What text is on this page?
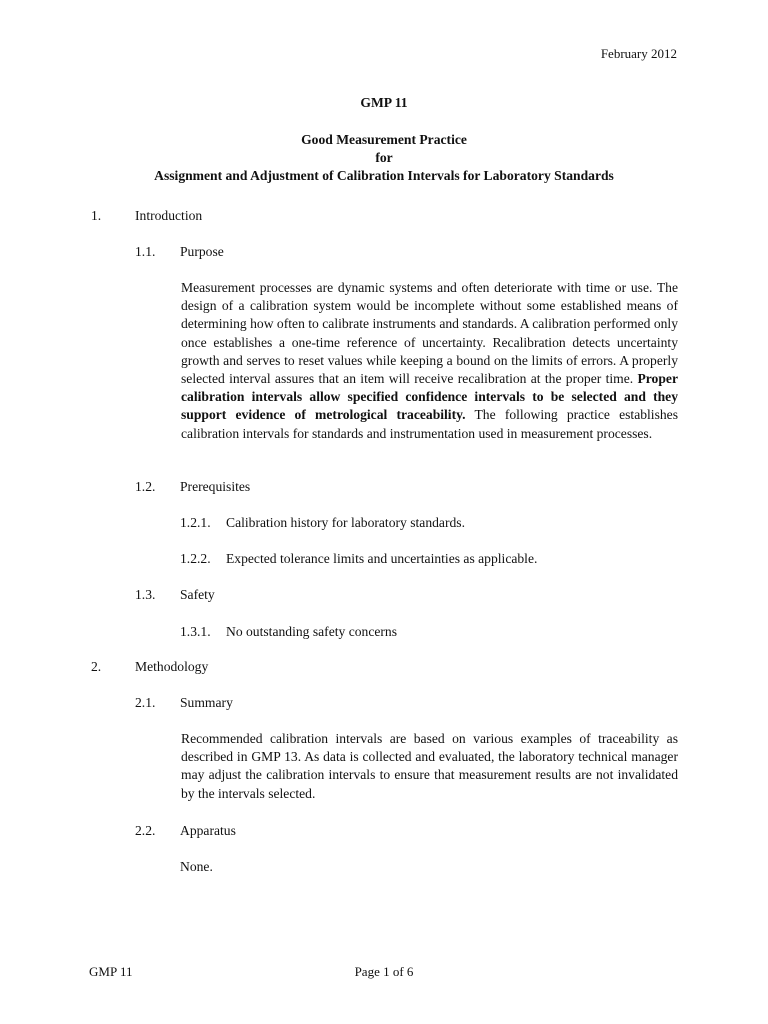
February 2012
GMP 11
Good Measurement Practice
for
Assignment and Adjustment of Calibration Intervals for Laboratory Standards
1. Introduction
1.1. Purpose
Measurement processes are dynamic systems and often deteriorate with time or use. The design of a calibration system would be incomplete without some established means of determining how often to calibrate instruments and standards. A calibration performed only once establishes a one-time reference of uncertainty. Recalibration detects uncertainty growth and serves to reset values while keeping a bound on the limits of errors. A properly selected interval assures that an item will receive recalibration at the proper time. Proper calibration intervals allow specified confidence intervals to be selected and they support evidence of metrological traceability. The following practice establishes calibration intervals for standards and instrumentation used in measurement processes.
1.2. Prerequisites
1.2.1. Calibration history for laboratory standards.
1.2.2. Expected tolerance limits and uncertainties as applicable.
1.3. Safety
1.3.1. No outstanding safety concerns
2. Methodology
2.1. Summary
Recommended calibration intervals are based on various examples of traceability as described in GMP 13. As data is collected and evaluated, the laboratory technical manager may adjust the calibration intervals to ensure that measurement results are not invalidated by the intervals selected.
2.2. Apparatus
None.
GMP 11	Page 1 of 6
